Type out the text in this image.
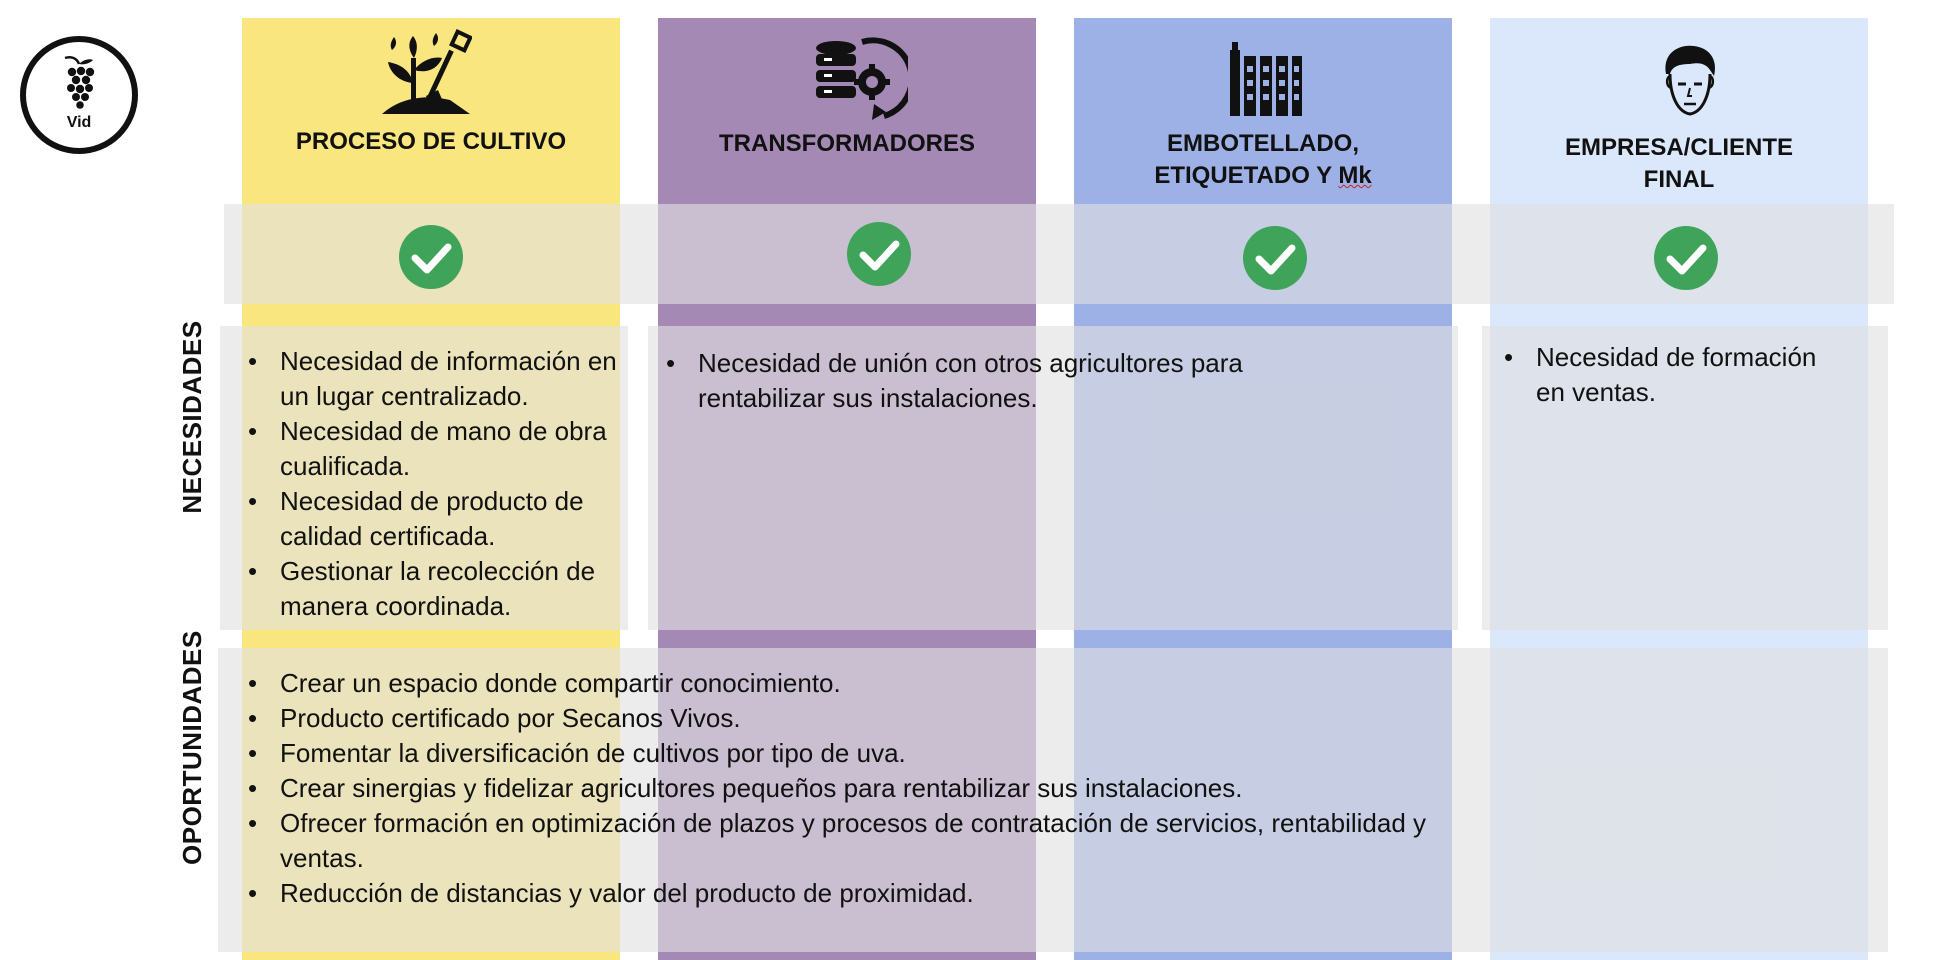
Vid
PROCESO DE CULTIVO	TRANSFORMADORES	EMBOTELLADO,
ETIQUETADO Y Mk
EMPRESA/CLIENTE
FINAL
NECESIDADES
OPORTUNIDADES
• Necesidad de información en un lugar centralizado.
• Necesidad de mano de obra cualificada.
• Necesidad de producto de calidad certificada.
• Gestionar la recolección de manera coordinada.
• Necesidad de unión con otros agricultores para rentabilizar sus instalaciones.
• Necesidad de formación en ventas.
• Crear un espacio donde compartir conocimiento.
• Producto certificado por Secanos Vivos.
• Fomentar la diversificación de cultivos por tipo de uva.
• Crear sinergias y fidelizar agricultores pequeños para rentabilizar sus instalaciones.
• Ofrecer formación en optimización de plazos y procesos de contratación de servicios, rentabilidad y ventas.
• Reducción de distancias y valor del producto de proximidad.
